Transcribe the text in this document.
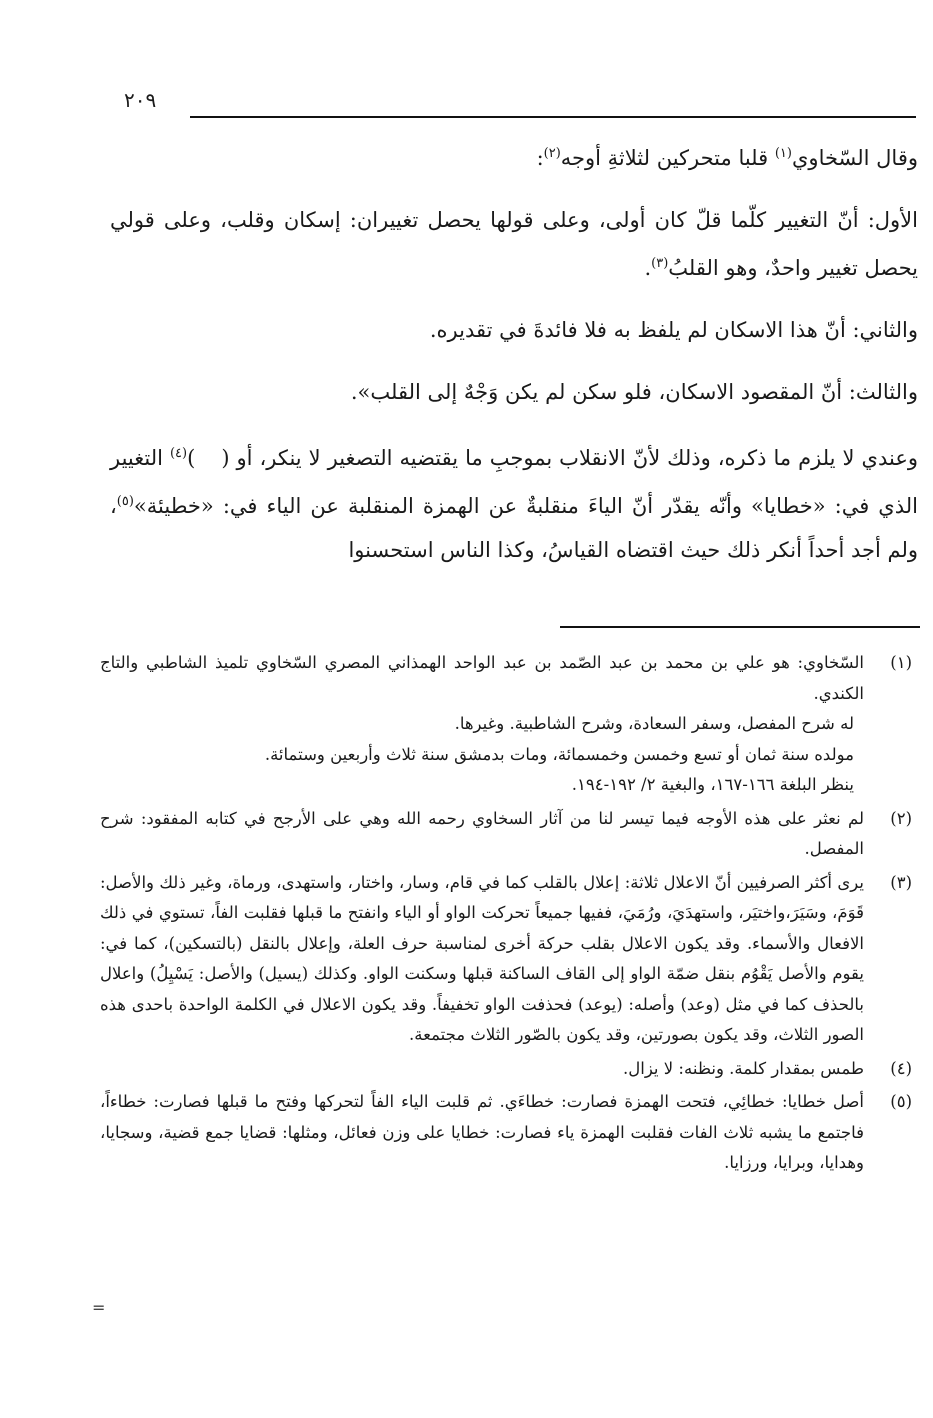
٢٠٩

وقال السّخاوي$^{(١)}$ قلبا متحركين لثلاثةِ أوجه$^{(٢)}$:

الأول: أنّ التغيير كلّما قلّ كان أولى، وعلى قولها يحصل تغييران: إسكان وقلب، وعلى قولي يحصل تغيير واحدٌ، وهو القلبُ$^{(٣)}$.

والثاني: أنّ هذا الاسكان لم يلفظ به فلا فائدةَ في تقديره.

والثالث: أنّ المقصود الاسكان، فلو سكن لم يكن وَجْهٌ إلى القلب».

وعندي لا يلزم ما ذكره، وذلك لأنّ الانقلاب بموجبِ ما يقتضيه التصغير لا ينكر، أو ()$^{(٤)}$ التغيير الذي في: «خطايا» وأنّه يقدّر أنّ الياءَ منقلبةٌ عن الهمزة المنقلبة عن الياء في: «خطيئة»$^{(٥)}$، ولم أجد أحداً أنكر ذلك حيث اقتضاه القياسُ، وكذا الناس استحسنوا

(١)

السّخاوي: هو علي بن محمد بن عبد الصّمد بن عبد الواحد الهمذاني المصري السّخاوي تلميذ الشاطبي والتاج الكندي.

له شرح المفصل، وسفر السعادة، وشرح الشاطبية. وغيرها.

مولده سنة ثمان أو تسع وخمسن وخمسمائة، ومات بدمشق سنة ثلاث وأربعين وستمائة.

ينظر البلغة ١٦٦-١٦٧، والبغية ٢/ ١٩٢-١٩٤.

(٢)

لم نعثر على هذه الأوجه فيما تيسر لنا من آثار السخاوي رحمه الله وهي على الأرجح في كتابه المفقود: شرح المفصل.

(٣)

يرى أكثر الصرفيين أنّ الاعلال ثلاثة: إعلال بالقلب كما في قام، وسار، واختار، واستهدى، ورماة، وغير ذلك والأصل: قَوَمَ، وسَيَرَ،واختيَر، واستهدَيَ، ورُمَيَ، ففيها جميعاً تحركت الواو أو الياء وانفتح ما قبلها فقلبت الفاً، تستوي في ذلك الافعال والأسماء. وقد يكون الاعلال بقلب حركة أخرى لمناسبة حرف العلة، وإعلال بالنقل (بالتسكين)، كما في: يقوم والأصل يَقْوُم بنقل ضمّة الواو إلى القاف الساكنة قبلها وسكنت الواو. وكذلك (يسيل) والأصل: يَسْيِلُ) واعلال بالحذف كما في مثل (وعد) وأصله: (يوعد) فحذفت الواو تخفيفاً. وقد يكون الاعلال في الكلمة الواحدة باحدى هذه الصور الثلاث، وقد يكون بصورتين، وقد يكون بالصّور الثلاث مجتمعة.

(٤)

طمس بمقدار كلمة. ونظنه: لا يزال.

(٥)

أصل خطايا: خطائِي، فتحت الهمزة فصارت: خطاءَي. ثم قلبت الياء الفاً لتحركها وفتح ما قبلها فصارت: خطاءاً، فاجتمع ما يشبه ثلاث الفات فقلبت الهمزة ياء فصارت: خطايا على وزن فعائل، ومثلها: قضايا جمع قضية، وسجايا، وهدايا، وبرايا، ورزايا.

=
